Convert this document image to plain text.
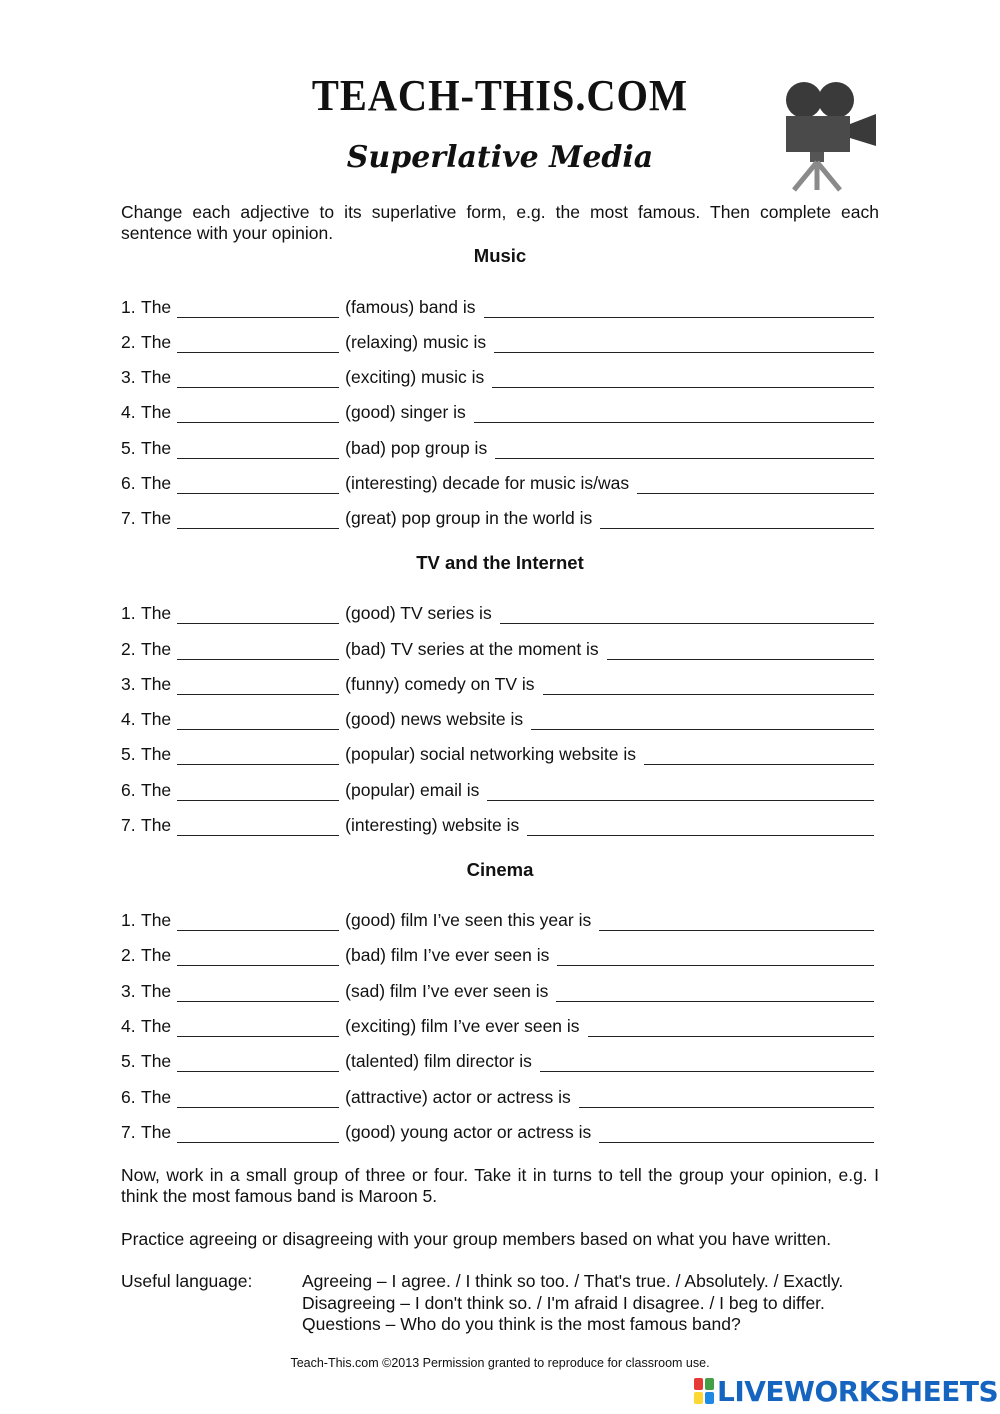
TEACH-THIS.COM
Superlative Media

Change each adjective to its superlative form, e.g. the most famous. Then complete each sentence with your opinion.

Music
1. The	(famous) band is
2. The	(relaxing) music is
3. The	(exciting) music is
4. The	(good) singer is
5. The	(bad) pop group is
6. The	(interesting) decade for music is/was
7. The	(great) pop group in the world is
TV and the Internet
1. The	(good) TV series is
2. The	(bad) TV series at the moment is
3. The	(funny) comedy on TV is
4. The	(good) news website is
5. The	(popular) social networking website is
6. The	(popular) email is
7. The	(interesting) website is
Cinema
1. The	(good) film I’ve seen this year is
2. The	(bad) film I’ve ever seen is
3. The	(sad) film I’ve ever seen is
4. The	(exciting) film I’ve ever seen is
5. The	(talented) film director is
6. The	(attractive) actor or actress is
7. The	(good) young actor or actress is

Now, work in a small group of three or four. Take it in turns to tell the group your opinion, e.g. I think the most famous band is Maroon 5.

Practice agreeing or disagreeing with your group members based on what you have written.

Useful language:	Agreeing – I agree. / I think so too. / That's true. / Absolutely. / Exactly.
Disagreeing – I don't think so. / I'm afraid I disagree. / I beg to differ.
Questions – Who do you think is the most famous band?
Teach-This.com ©2013 Permission granted to reproduce for classroom use.
LIVEWORKSHEETS
